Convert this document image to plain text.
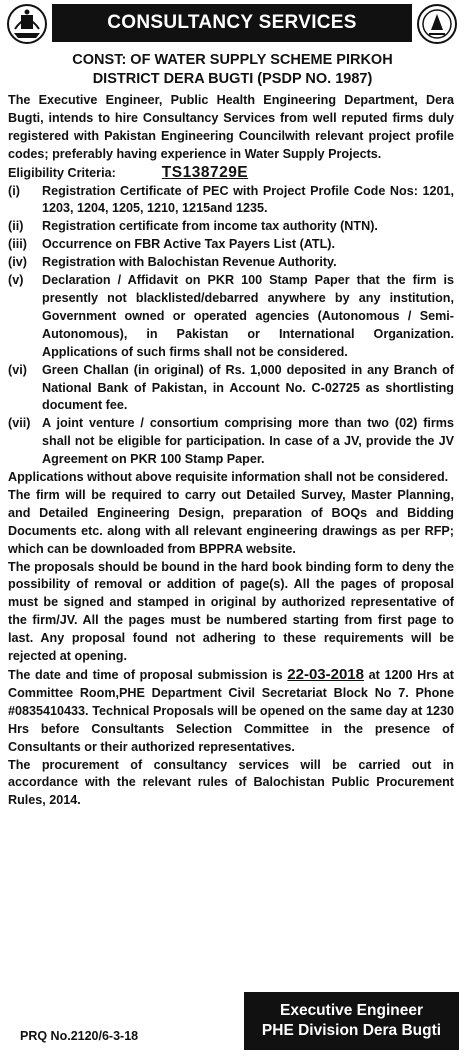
CONSULTANCY SERVICES
CONST: OF WATER SUPPLY SCHEME PIRKOH
DISTRICT DERA BUGTI (PSDP NO. 1987)

The Executive Engineer, Public Health Engineering Department, Dera Bugti, intends to hire Consultancy Services from well reputed firms duly registered with Pakistan Engineering Councilwith relevant project profile codes; preferably having experience in Water Supply Projects.

Eligibility Criteria:	TS138729E
(i)	Registration Certificate of PEC with Project Profile Code Nos: 1201, 1203, 1204, 1205, 1210, 1215and 1235.
(ii)	Registration certificate from income tax authority (NTN).
(iii)	Occurrence on FBR Active Tax Payers List (ATL).
(iv)	Registration with Balochistan Revenue Authority.
(v)	Declaration / Affidavit on PKR 100 Stamp Paper that the firm is presently not blacklisted/debarred anywhere by any institution, Government owned or operated agencies (Autonomous / Semi-Autonomous), in Pakistan or International Organization. Applications of such firms shall not be considered.
(vi)	Green Challan (in original) of Rs. 1,000 deposited in any Branch of National Bank of Pakistan, in Account No. C-02725 as shortlisting document fee.
(vii) A joint venture / consortium comprising more than two (02) firms shall not be eligible for participation. In case of a JV, provide the JV Agreement on PKR 100 Stamp Paper.

Applications without above requisite information shall not be considered.

The firm will be required to carry out Detailed Survey, Master Planning, and Detailed Engineering Design, preparation of BOQs and Bidding Documents etc. along with all relevant engineering drawings as per RFP; which can be downloaded from BPPRA website.

The proposals should be bound in the hard book binding form to deny the possibility of removal or addition of page(s). All the pages of proposal must be signed and stamped in original by authorized representative of the firm/JV. All the pages must be numbered starting from first page to last. Any proposal found not adhering to these requirements will be rejected at opening.

The date and time of proposal submission is 22-03-2018 at 1200 Hrs at Committee Room,PHE Department Civil Secretariat Block No 7. Phone #0835410433. Technical Proposals will be opened on the same day at 1230 Hrs before Consultants Selection Committee in the presence of Consultants or their authorized representatives.

The procurement of consultancy services will be carried out in accordance with the relevant rules of Balochistan Public Procurement Rules, 2014.

Executive Engineer
PHE Division Dera Bugti
PRQ No.2120/6-3-18
